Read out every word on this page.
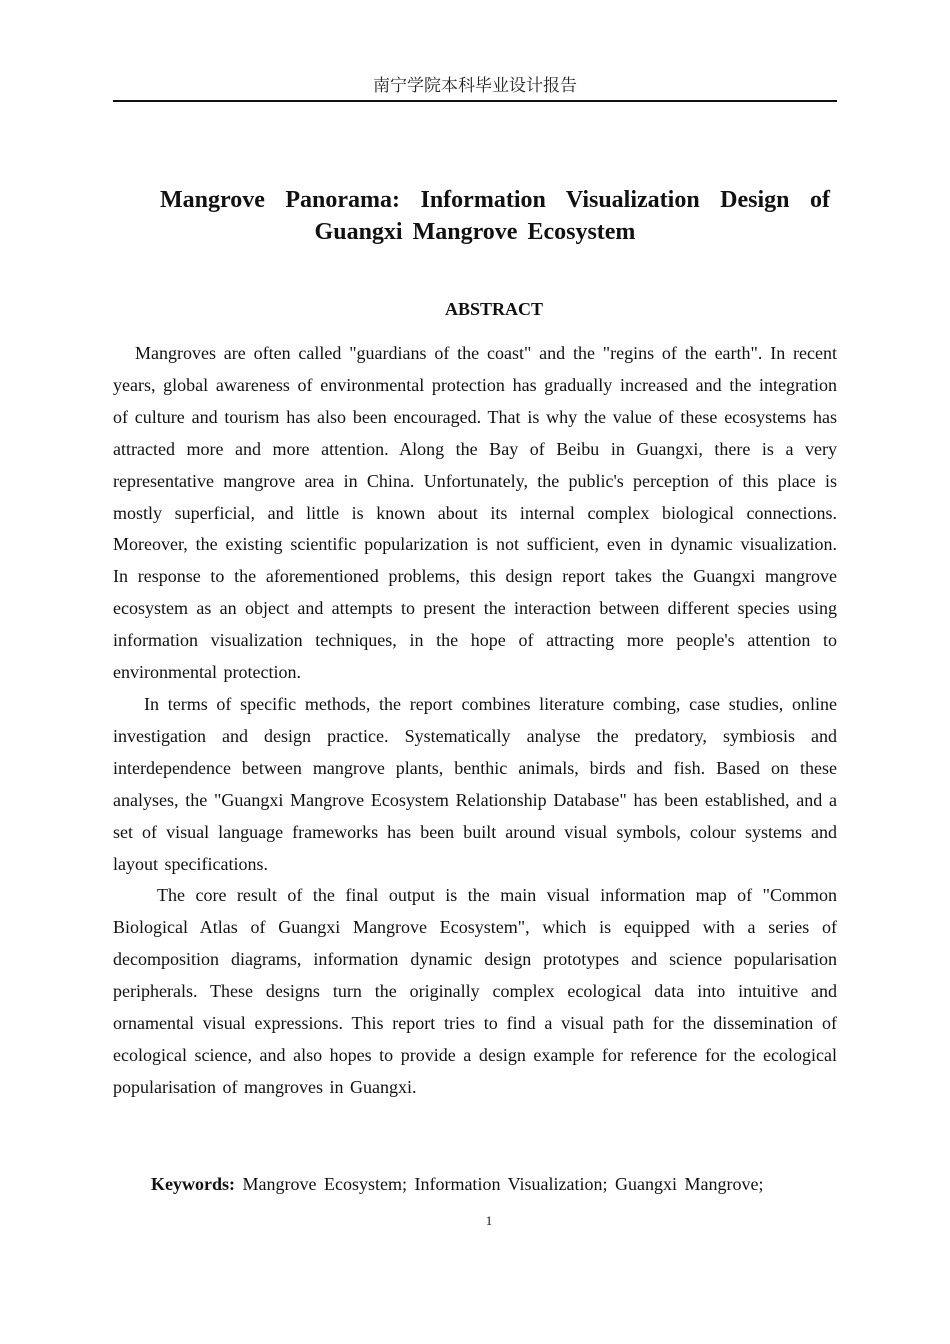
南宁学院本科毕业设计报告
Mangrove Panorama: Information Visualization Design of
Guangxi Mangrove Ecosystem
ABSTRACT

Mangroves are often called "guardians of the coast" and the "regins of the earth". In recent years, global awareness of environmental protection has gradually increased and the integration of culture and tourism has also been encouraged. That is why the value of these ecosystems has attracted more and more attention. Along the Bay of Beibu in Guangxi, there is a very representative mangrove area in China. Unfortunately, the public's perception of this place is mostly superficial, and little is known about its internal complex biological connections. Moreover, the existing scientific popularization is not sufficient, even in dynamic visualization. In response to the aforementioned problems, this design report takes the Guangxi mangrove ecosystem as an object and attempts to present the interaction between different species using information visualization techniques, in the hope of attracting more people's attention to environmental protection.

In terms of specific methods, the report combines literature combing, case studies, online investigation and design practice. Systematically analyse the predatory, symbiosis and interdependence between mangrove plants, benthic animals, birds and fish. Based on these analyses, the "Guangxi Mangrove Ecosystem Relationship Database" has been established, and a set of visual language frameworks has been built around visual symbols, colour systems and layout specifications.

The core result of the final output is the main visual information map of "Common Biological Atlas of Guangxi Mangrove Ecosystem", which is equipped with a series of decomposition diagrams, information dynamic design prototypes and science popularisation peripherals. These designs turn the originally complex ecological data into intuitive and ornamental visual expressions. This report tries to find a visual path for the dissemination of ecological science, and also hopes to provide a design example for reference for the ecological popularisation of mangroves in Guangxi.

Keywords: Mangrove Ecosystem; Information Visualization; Guangxi Mangrove;
1
